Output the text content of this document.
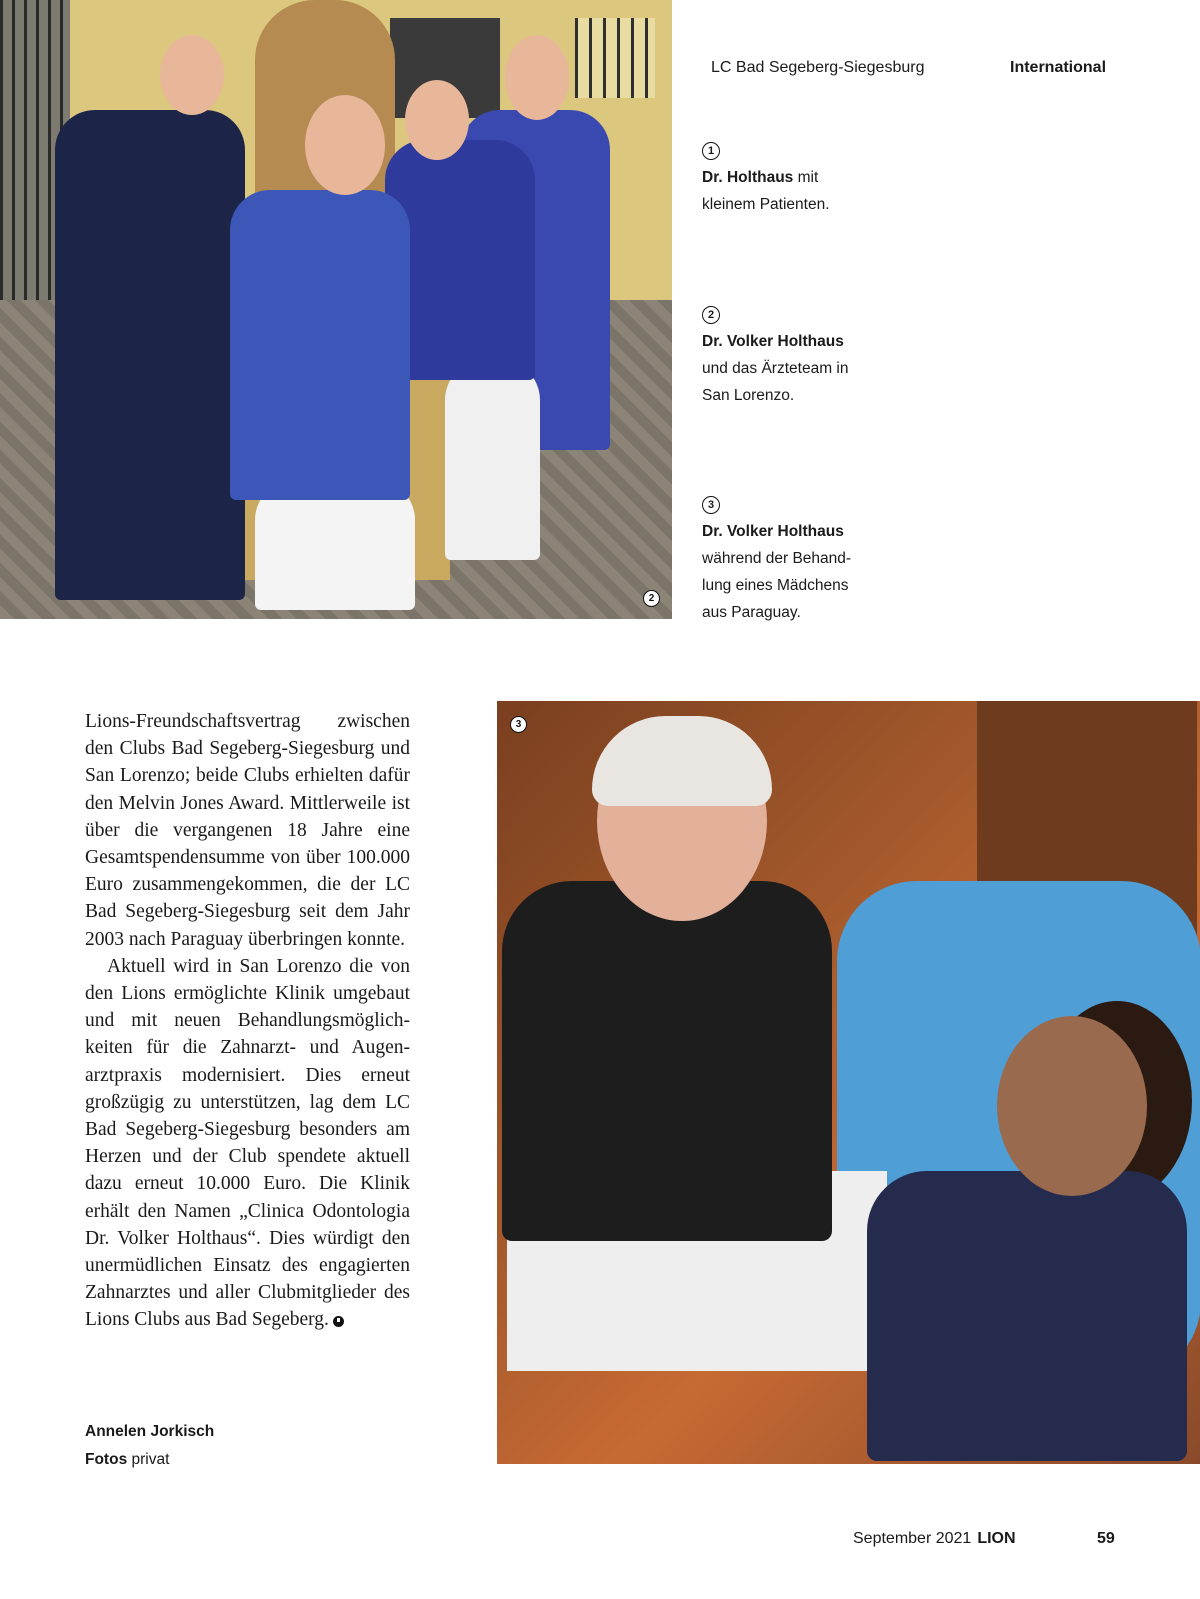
LC Bad Segeberg-Siegesburg	International
2
1
Dr. Holthaus mit
kleinem Patienten.
2
Dr. Volker Holthaus
und das Ärzteteam in
San Lorenzo.
3
Dr. Volker Holthaus
während der Behand-
lung eines Mädchens
aus Paraguay.

Lions-Freundschaftsvertrag zwischen den Clubs Bad Segeberg-Siegesburg und San Lorenzo; beide Clubs erhielten dafür den Melvin Jones Award. Mittlerweile ist über die vergangenen 18 Jahre eine Gesamtspendensumme von über 100.000 Euro zusammengekommen, die der LC Bad Segeberg-Siegesburg seit dem Jahr 2003 nach Paraguay überbringen konnte.

Aktuell wird in San Lorenzo die von den Lions ermöglichte Klinik umgebaut und mit neuen Behandlungsmöglichkeiten für die Zahnarzt- und Augenarztpraxis modernisiert. Dies erneut großzügig zu unterstützen, lag dem LC Bad Segeberg-Siegesburg besonders am Herzen und der Club spendete aktuell dazu erneut 10.000 Euro. Die Klinik erhält den Namen „Clinica Odontologia Dr. Volker Holthaus“. Dies würdigt den unermüdlichen Einsatz des engagierten Zahnarztes und aller Clubmitglieder des Lions Clubs aus Bad Segeberg.

Annelen Jorkisch
Fotos privat
3
September 2021 LION	59
